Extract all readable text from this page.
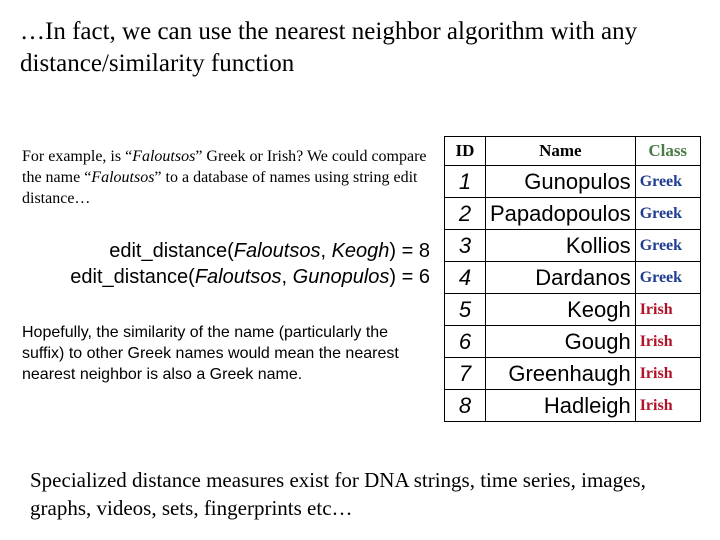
…In fact, we can use the nearest neighbor algorithm with any distance/similarity function
For example, is “Faloutsos” Greek or Irish? We could compare the name “Faloutsos” to a database of names using string edit distance…
edit_distance(Faloutsos, Keogh) = 8
edit_distance(Faloutsos, Gunopulos) = 6
Hopefully, the similarity of the name (particularly the suffix) to other Greek names would mean the nearest nearest neighbor is also a Greek name.
ID	Name	Class
1	Gunopulos	Greek
2	Papadopoulos	Greek
3	Kollios	Greek
4	Dardanos	Greek
5	Keogh	Irish
6	Gough	Irish
7	Greenhaugh	Irish
8	Hadleigh	Irish
Specialized distance measures exist for DNA strings, time series, images, graphs, videos, sets, fingerprints etc…
